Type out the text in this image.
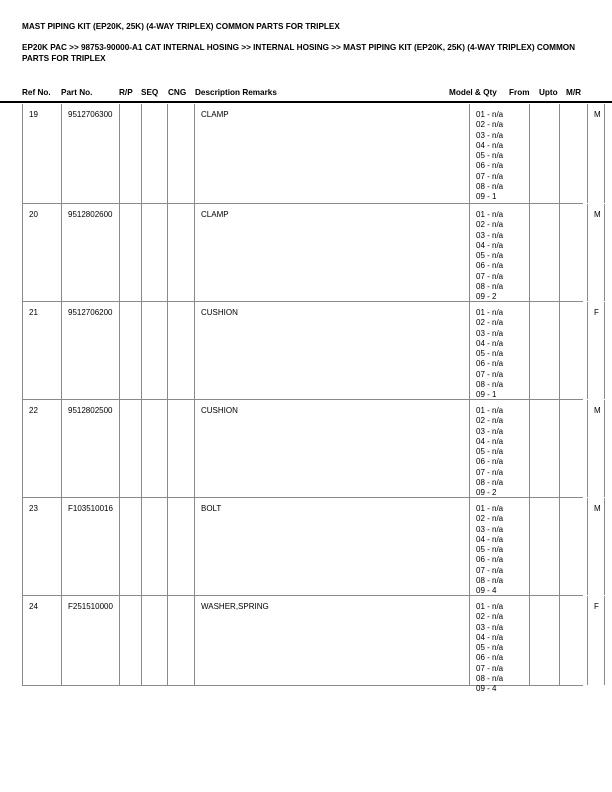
MAST PIPING KIT (EP20K, 25K) (4-WAY TRIPLEX) COMMON PARTS FOR TRIPLEX
EP20K PAC >> 98753-90000-A1 CAT INTERNAL HOSING >> INTERNAL HOSING >> MAST PIPING KIT (EP20K, 25K) (4-WAY TRIPLEX) COMMON PARTS FOR TRIPLEX
Ref No. Part No.	R/P SEQ CNG Description Remarks	Model & Qty From Upto M/R
19	9512706300	CLAMP	01 - n/a
02 - n/a
03 - n/a
04 - n/a
05 - n/a
06 - n/a
07 - n/a
08 - n/a
09 - 1
M
20	9512802600	CLAMP	01 - n/a
02 - n/a
03 - n/a
04 - n/a
05 - n/a
06 - n/a
07 - n/a
08 - n/a
09 - 2
M
21	9512706200	CUSHION	01 - n/a
02 - n/a
03 - n/a
04 - n/a
05 - n/a
06 - n/a
07 - n/a
08 - n/a
09 - 1
F
22	9512802500	CUSHION	01 - n/a
02 - n/a
03 - n/a
04 - n/a
05 - n/a
06 - n/a
07 - n/a
08 - n/a
09 - 2
M
23	F103510016	BOLT	01 - n/a
02 - n/a
03 - n/a
04 - n/a
05 - n/a
06 - n/a
07 - n/a
08 - n/a
09 - 4
M
24	F251510000	WASHER,SPRING	01 - n/a
02 - n/a
03 - n/a
04 - n/a
05 - n/a
06 - n/a
07 - n/a
08 - n/a
09 - 4
F
